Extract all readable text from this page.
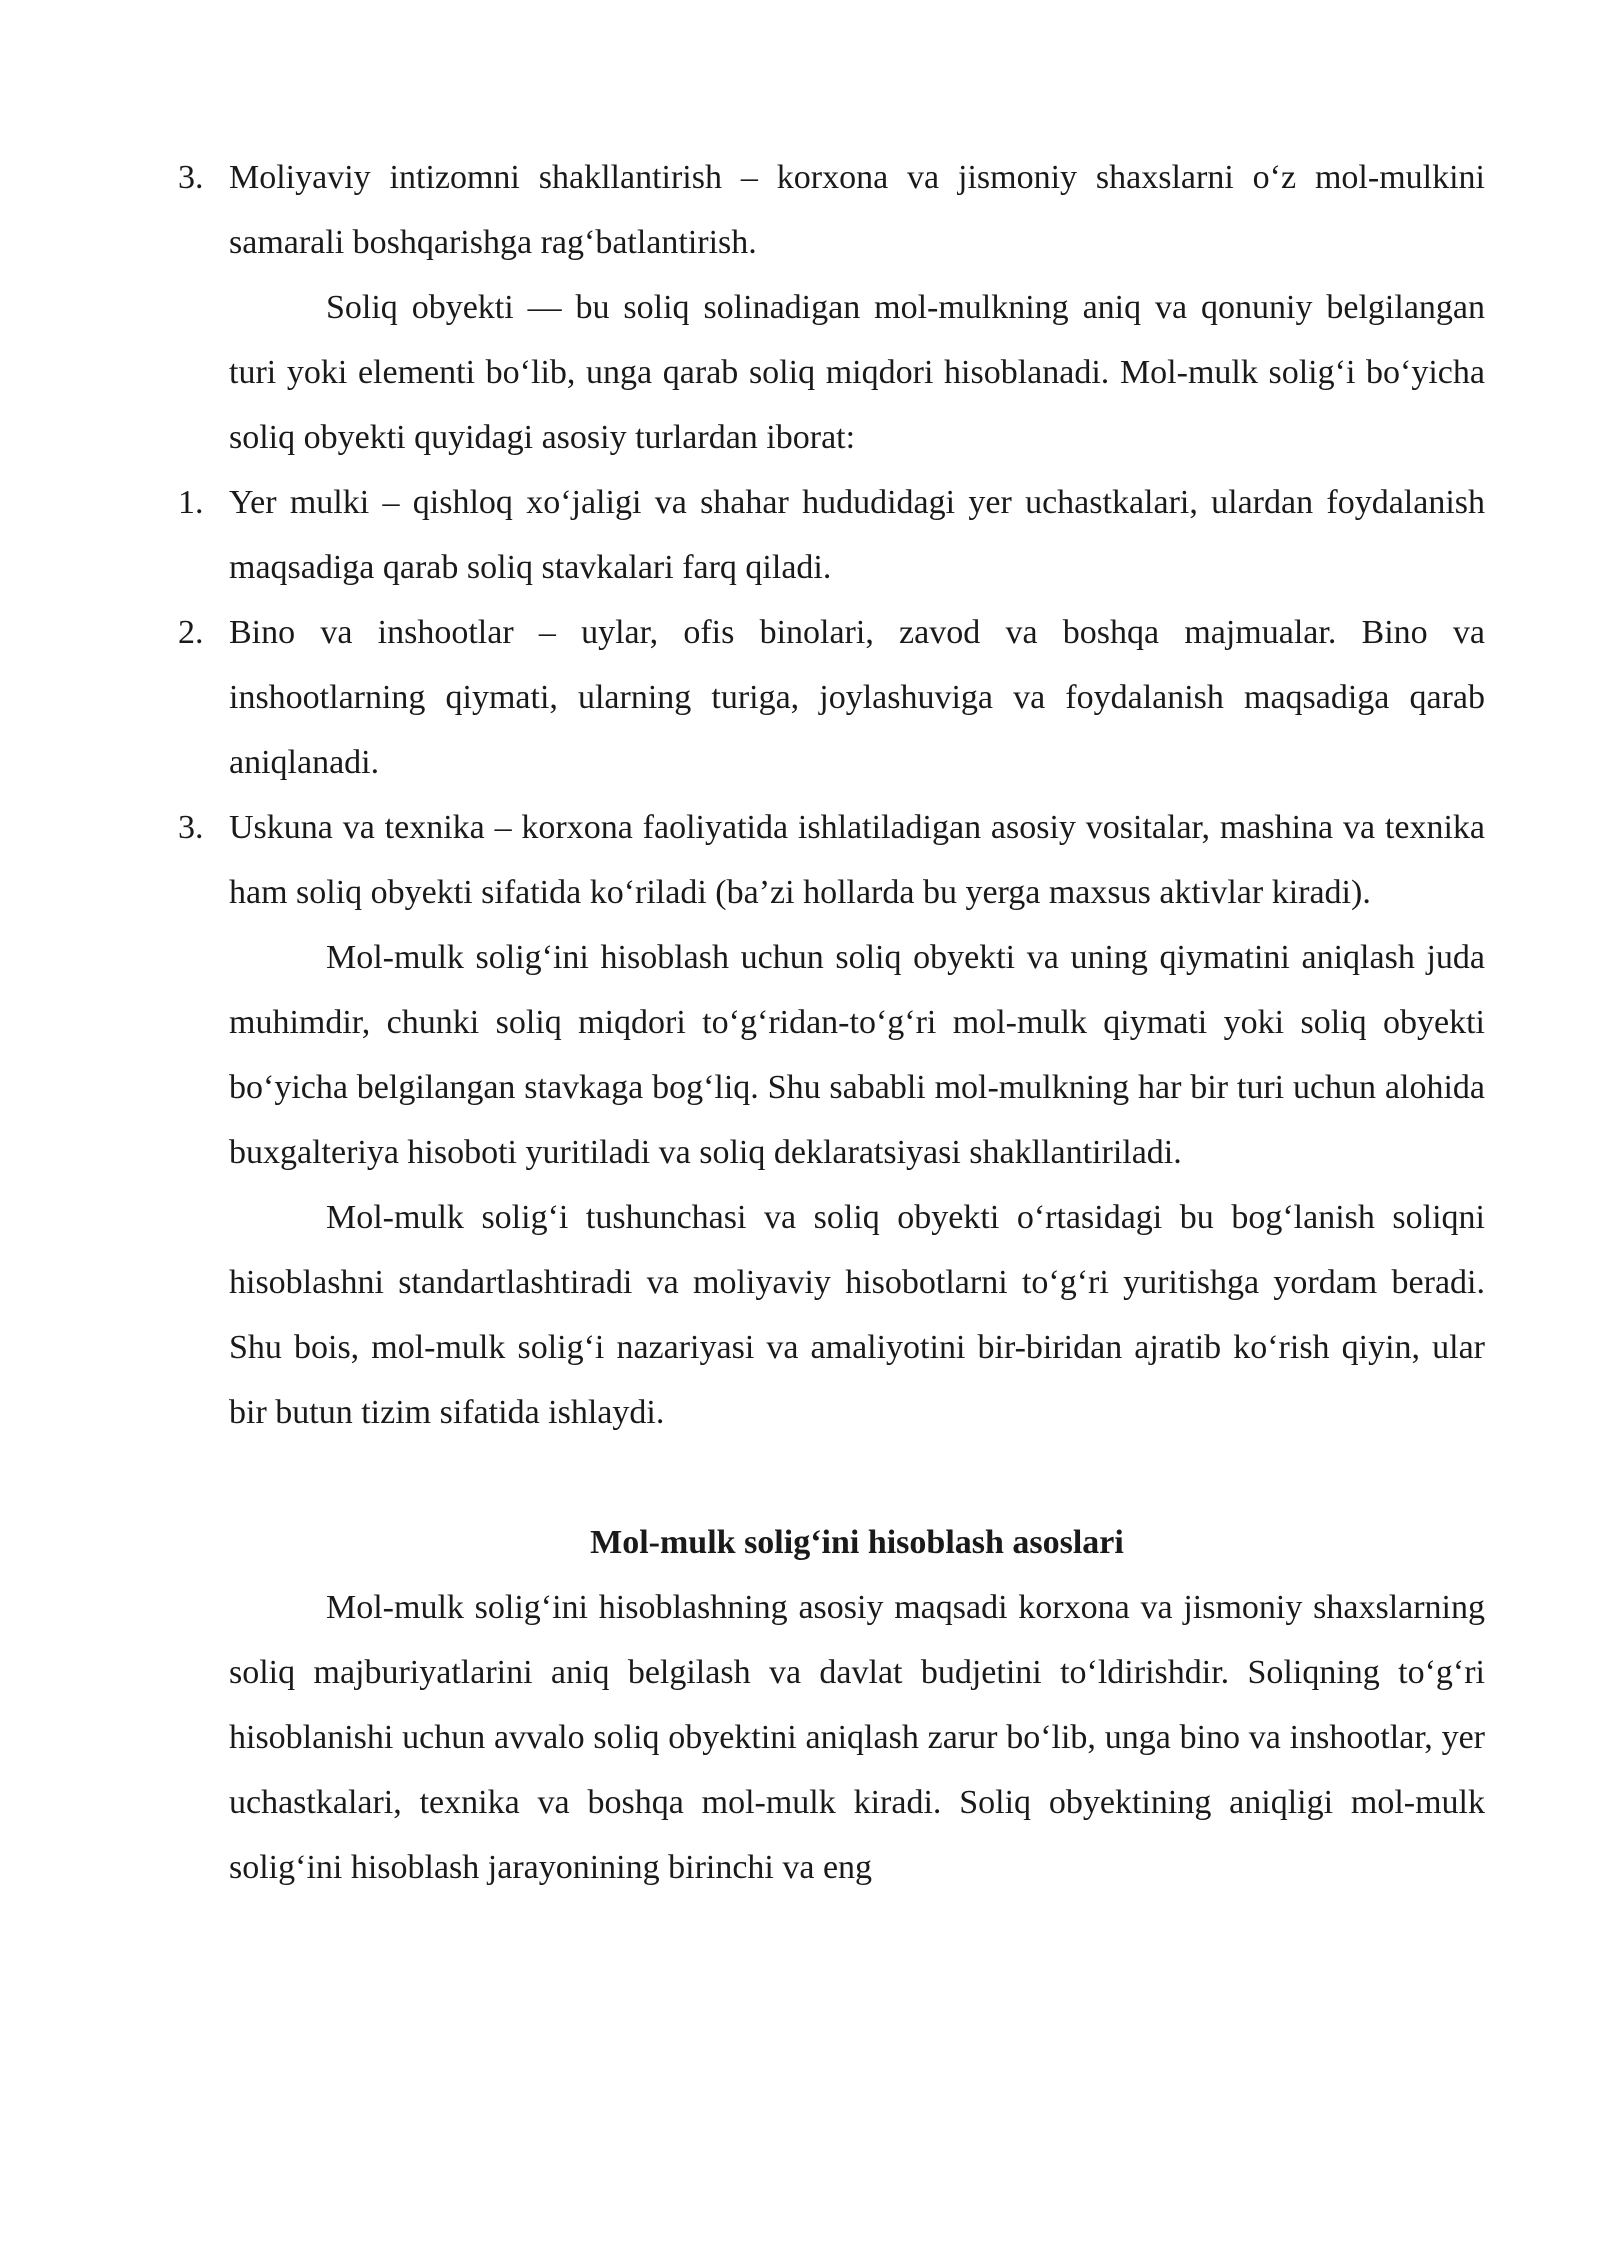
3. Moliyaviy intizomni shakllantirish – korxona va jismoniy shaxslarni o‘z mol-mulkini samarali boshqarishga rag‘batlantirish.

Soliq obyekti — bu soliq solinadigan mol-mulkning aniq va qonuniy belgilangan turi yoki elementi bo‘lib, unga qarab soliq miqdori hisoblanadi. Mol-mulk solig‘i bo‘yicha soliq obyekti quyidagi asosiy turlardan iborat:

1. Yer mulki – qishloq xo‘jaligi va shahar hududidagi yer uchastkalari, ulardan foydalanish maqsadiga qarab soliq stavkalari farq qiladi.
2. Bino va inshootlar – uylar, ofis binolari, zavod va boshqa majmualar. Bino va inshootlarning qiymati, ularning turiga, joylashuviga va foydalanish maqsadiga qarab aniqlanadi.
3. Uskuna va texnika – korxona faoliyatida ishlatiladigan asosiy vositalar, mashina va texnika ham soliq obyekti sifatida ko‘riladi (ba’zi hollarda bu yerga maxsus aktivlar kiradi).

Mol-mulk solig‘ini hisoblash uchun soliq obyekti va uning qiymatini aniqlash juda muhimdir, chunki soliq miqdori to‘g‘ridan-to‘g‘ri mol-mulk qiymati yoki soliq obyekti bo‘yicha belgilangan stavkaga bog‘liq. Shu sababli mol-mulkning har bir turi uchun alohida buxgalteriya hisoboti yuritiladi va soliq deklaratsiyasi shakllantiriladi.

Mol-mulk solig‘i tushunchasi va soliq obyekti o‘rtasidagi bu bog‘lanish soliqni hisoblashni standartlashtiradi va moliyaviy hisobotlarni to‘g‘ri yuritishga yordam beradi. Shu bois, mol-mulk solig‘i nazariyasi va amaliyotini bir-biridan ajratib ko‘rish qiyin, ular bir butun tizim sifatida ishlaydi.

Mol-mulk solig‘ini hisoblash asoslari

Mol-mulk solig‘ini hisoblashning asosiy maqsadi korxona va jismoniy shaxslarning soliq majburiyatlarini aniq belgilash va davlat budjetini to‘ldirishdir. Soliqning to‘g‘ri hisoblanishi uchun avvalo soliq obyektini aniqlash zarur bo‘lib, unga bino va inshootlar, yer uchastkalari, texnika va boshqa mol-mulk kiradi. Soliq obyektining aniqligi mol-mulk solig‘ini hisoblash jarayonining birinchi va eng
